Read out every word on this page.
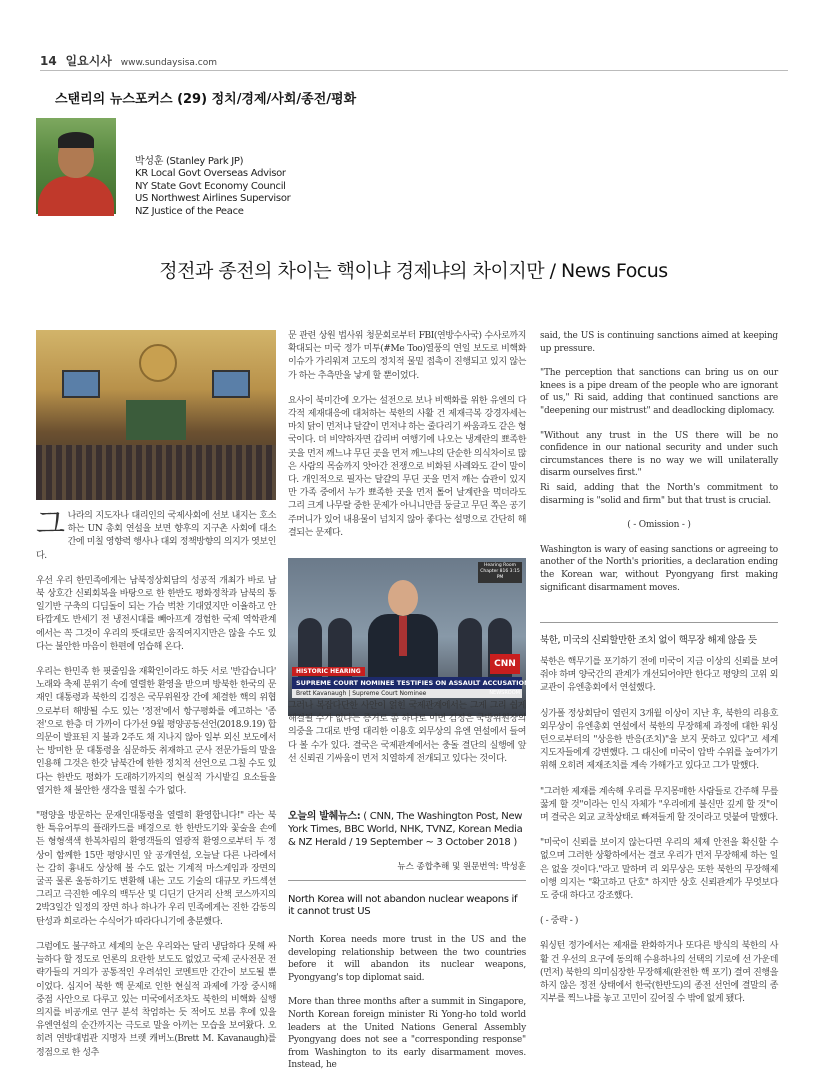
14 일요시사 www.sundaysisa.com
스탠리의 뉴스포커스 (29) 정치/경제/사회/종전/평화
박성훈 (Stanley Park JP)
KR Local Govt Overseas Advisor
NY State Govt Economy Council
US Northwest Airlines Supervisor
NZ Justice of the Peace
정전과 종전의 차이는 핵이냐 경제냐의 차이지만 / News Focus

그나라의 지도자나 대리인의 국제사회에 선보 내지는 호소 하는 UN 총회 연설을 보면 향후의 지구촌 사회에 대소간에 미칠 영향력 행사나 대외 정책방향의 의지가 엿보인다.

우선 우리 한민족에게는 남북정상회담의 성공적 개최가 바로 남북 상호간 신뢰회복을 바탕으로 한 한반도 평화정착과 남북의 통일기반 구축의 디딤돌이 되는 가슴 벅찬 기대였지만 이율하고 안타깝게도 반세기 전 냉전시대를 빼아프게 경험한 국제 역학관계에서는 꼭 그것이 우리의 뜻대로만 움직여지지만은 않을 수도 있다는 불안한 마음이 한편에 엄습해 온다.

우리는 한민족 한 핏줄임을 재확인이라도 하듯 서로 '반갑습니다' 노래와 축제 분위기 속에 열렬한 환영을 받으며 방북한 한국의 문재인 대통령과 북한의 김정은 국무위원장 간에 체결한 핵의 위협으로부터 해방될 수도 있는 '정전'에서 항구평화를 예고하는 '종전'으로 한층 더 가까이 다가선 9월 평양공동선언(2018.9.19) 합의문이 발표된 지 불과 2주도 채 지나지 않아 일부 외신 보도에서는 방미한 문 대통령을 심문하듯 취재하고 군사 전문가들의 말을 인용해 그것은 한갓 남북간에 한한 정치적 선언으로 그칠 수도 있다는 한반도 평화가 도래하기까지의 현실적 가시밭길 요소들을 열거한 채 불안한 생각을 떨칠 수가 없다.

"평양을 방문하는 문재인대통령을 열렬히 환영합니다!" 라는 북한 특유어투의 플래카드를 배경으로 한 한반도기와 꽃술을 손에든 형형색색 한복차림의 환영객들의 열광적 환영으로부터 두 정상이 함께한 15만 평양시민 앞 공개연설, 오늘날 다른 나라에서는 감히 흉내도 상상해 볼 수도 없는 기계적 마스게임과 장면의 굴곡 물론 울동하기도 변환해 내는 고도 기술의 대규모 카드섹션 그리고 극진한 예우의 백두산 및 디딘기 단거리 산책 코스까지의 2박3일간 일정의 장면 하나 하나가 우리 민족에게는 진한 감동의 탄성과 희로라는 수식어가 따라다니기에 충분했다.

그럼에도 불구하고 세계의 눈은 우리와는 달리 냉담하다 못해 싸늘하다 할 정도로 언론의 요란한 보도도 없었고 국제 군사전문 전략가들의 거의가 공통적인 우려섞인 코멘트만 간간이 보도될 뿐이었다. 심지어 북한 핵 문제로 인한 현실적 과제에 가장 중시해 중점 사안으로 다루고 있는 미국에서조차도 북한의 비핵화 실행 의지를 비공개로 연구 분석 착엄하는 듯 적어도 보름 후에 있을 유엔연설의 순간까지는 극도로 말을 아끼는 모습을 보여왔다. 오히려 연방대법관 지명자 브렛 캐버노(Brett M. Kavanaugh)를 정점으로 한 성추

문 관련 상원 법사위 청문회로부터 FBI(연방수사국) 수사로까지 확대되는 미국 정가 미투(#Me Too)열풍의 연일 보도로 비핵화 이슈가 가리워져 고도의 정치적 물밑 접촉이 진행되고 있지 않는가 하는 추측만을 낳게 할 뿐이었다.

요사이 북미간에 오가는 설전으로 보나 비핵화를 위한 유엔의 다각적 제재대응에 대처하는 북한의 사활 건 제재극복 강경자세는 마치 닭이 먼저냐 달걀이 먼저냐 하는 줄다리기 싸움과도 같은 형국이다. 더 비약하자면 갑리버 여행기에 나오는 냉계란의 뾰족한 곳을 먼저 깨느냐 무딘 곳을 먼저 깨느냐의 단순한 의식차이로 많은 사람의 목숨까지 앗아간 전쟁으로 비화된 사례와도 같이 말이다. 개인적으로 필자는 달걀의 무딘 곳을 먼저 깨는 습관이 있지만 가족 중에서 누가 뾰족한 곳을 먼저 톨어 날계란을 먹더라도 그리 크게 나무랄 중한 문제가 아니니만큼 둥글고 무딘 쪽은 공기 주머니가 있어 내용물이 넘치지 않아 좋다는 설명으로 간단히 해결되는 문제다.

Hearing Room Chapter 816 3:15 PM
HISTORIC HEARING
SUPREME COURT NOMINEE TESTIFIES ON ASSAULT ACCUSATIONS
Brett Kavanaugh | Supreme Court Nominee
CNN
NEWSROOM

그러나 복잡다단한 사안이 얽힌 국제관계에서는 그게 그리 쉽게 해결될 수가 없다는 증거로 좀 하나로 이번 김정은 국방위원장의 의중을 그대로 반영 대리한 이용호 외무상의 유엔 연설에서 들여다 볼 수가 있다. 결국은 국제관계에서는 충돌 결단의 실행에 앞선 신뢰권 기싸움이 먼저 치열하게 전개되고 있다는 것이다.

오늘의 발췌뉴스: ( CNN, The Washington Post, New York Times, BBC World, NHK, TVNZ, Korean Media & NZ Herald / 19 September ~ 3 October 2018 )
뉴스 종합추해 및 원문번역: 박성훈
North Korea will not abandon nuclear weapons if it cannot trust US

North Korea needs more trust in the US and the developing relationship between the two countries before it will abandon its nuclear weapons, Pyongyang's top diplomat said.

More than three months after a summit in Singapore, North Korean foreign minister Ri Yong-ho told world leaders at the United Nations General Assembly Pyongyang does not see a "corresponding response" from Washington to its early disarmament moves. Instead, he

said, the US is continuing sanctions aimed at keeping up pressure.

"The perception that sanctions can bring us on our knees is a pipe dream of the people who are ignorant of us," Ri said, adding that continued sanctions are "deepening our mistrust" and deadlocking diplomacy.

"Without any trust in the US there will be no confidence in our national security and under such circumstances there is no way we will unilaterally disarm ourselves first."

Ri said, adding that the North's commitment to disarming is "solid and firm" but that trust is crucial.

( - Omission - )

Washington is wary of easing sanctions or agreeing to another of the North's priorities, a declaration ending the Korean war, without Pyongyang first making significant disarmament moves.

북한, 미국의 신뢰할만한 조치 없이 핵무장 해제 않을 듯

북한은 핵무기를 포기하기 전에 미국이 지금 이상의 신뢰를 보여줘야 하며 양국간의 관계가 개선되어야만 한다고 평양의 고위 외교관이 유엔총회에서 연설했다.

싱가폴 정상회담이 열린지 3개월 이상이 지난 후, 북한의 리용호 외무상이 유엔총회 연설에서 북한의 무장해제 과정에 대한 워싱턴으로부터의 "상응한 반응(조치)"을 보지 못하고 있다"고 세계 지도자들에게 강변했다. 그 대신에 미국이 압박 수위를 높여가기 위해 오히려 제재조치를 계속 가해가고 있다고 그가 말했다.

"그러한 제재를 계속해 우리를 무지몽매한 사람들로 간주해 무릎꿇게 할 것"이라는 인식 자체가 "우리에게 불신만 깊게 할 것"이며 결국은 외교 교착상태로 빠져들게 할 것이라고 덧붙여 말했다.

"미국이 신뢰를 보이지 않는다면 우리의 체제 안전을 확신할 수 없으며 그러한 상황하에서는 결코 우리가 먼저 무장해제 하는 일은 없을 것이다."라고 말하며 리 외무상은 또한 북한의 무장해제 이행 의지는 "확고하고 단호" 하지만 상호 신뢰관계가 무엇보다도 중대 하다고 강조했다.

( - 중략 - )

워싱턴 정가에서는 제재를 완화하거나 또다른 방식의 북한의 사활 건 우선의 요구에 동의해 수용하나의 선택의 기로에 선 가운데 (먼저) 북한의 의미심장한 무장해제(완전한 핵 포기) 결여 진행을 하지 않은 정전 상태에서 한국(한반도)의 종전 선언에 결말의 종지부를 찍느냐를 놓고 고민이 깊어질 수 밖에 없게 됐다.
